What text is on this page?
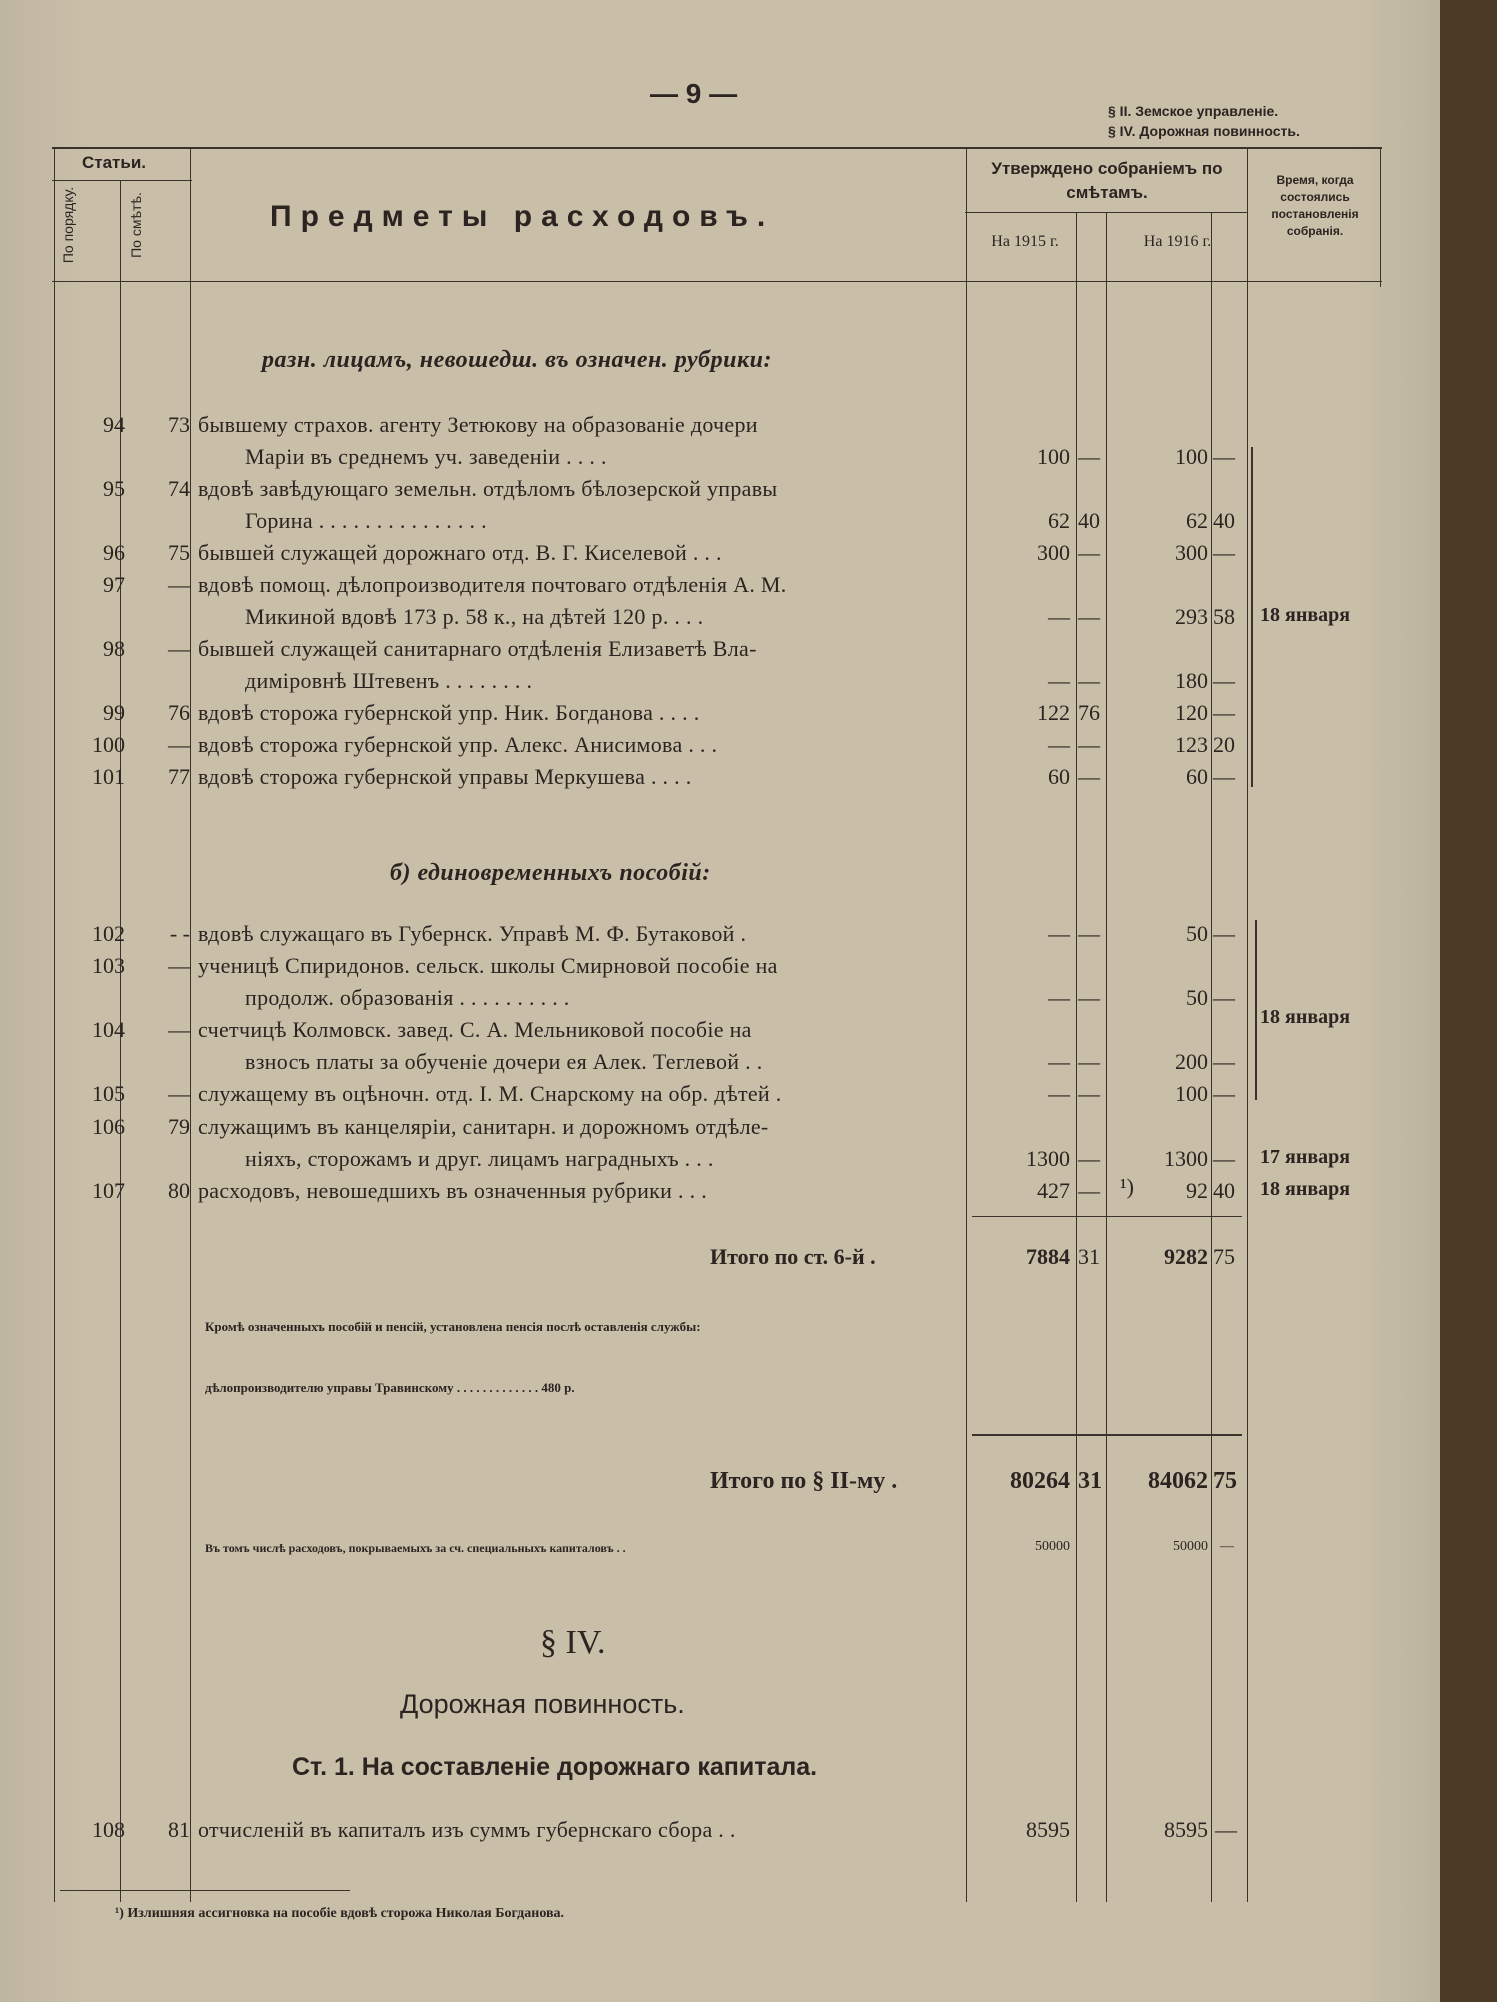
— 9 —
§ II. Земское управленіе.
§ IV. Дорожная повинность.
Статьи.
По порядку.	По смѣтѣ.	Предметы расходовъ.
Утверждено собраніемъ по смѣтамъ.
На 1915 г.	На 1916 г.
Время, когда состоялись постановленія собранія.
разн. лицамъ, невошедш. въ означен. рубрики:
94	73 бывшему страхов. агенту Зетюкову на образованіе дочери
Маріи въ среднемъ уч. заведеніи . . . .	100 —	100 —
95	74 вдовѣ завѣдующаго земельн. отдѣломъ бѣлозерской управы
Горина . . . . . . . . . . . . . . .	62 40	62 40
96	75 бывшей служащей дорожнаго отд. В. Г. Киселевой . . .	300 —	300 —
97	— вдовѣ помощ. дѣлопроизводителя почтоваго отдѣленія А. М.
Микиной вдовѣ 173 р. 58 к., на дѣтей 120 р. . . .	— —	293 58
98	— бывшей служащей санитарнаго отдѣленія Елизаветѣ Вла-
диміровнѣ Штевенъ . . . . . . . .	— —	180 —
99	76 вдовѣ сторожа губернской упр. Ник. Богданова . . . .	122 76	120 —
100	— вдовѣ сторожа губернской упр. Алекс. Анисимова . . .	— —	123 20
101	77 вдовѣ сторожа губернской управы Меркушева . . . .	60 —	60 —
18 января
б) единовременныхъ пособій:
102	- - вдовѣ служащаго въ Губернск. Управѣ М. Ф. Бутаковой .	— —	50 —
103	— ученицѣ Спиридонов. сельск. школы Смирновой пособіе на
продолж. образованія . . . . . . . . . .	— —	50 —
104	— счетчицѣ Колмовск. завед. С. А. Мельниковой пособіе на
взносъ платы за обученіе дочери ея Алек. Теглевой . .	— —	200 —
105	— служащему въ оцѣночн. отд. І. М. Снарскому на обр. дѣтей .	— —	100 —
18 января
106	79 служащимъ въ канцеляріи, санитарн. и дорожномъ отдѣле-
ніяхъ, сторожамъ и друг. лицамъ наградныхъ . . .	1300 —	1300 — 17 января
107	80 расходовъ, невошедшихъ въ означенныя рубрики . . .	427 — ¹)	92 40 18 января
Итого по ст. 6-й .	7884 31	9282 75
Кромѣ означенныхъ пособій и пенсій, установлена пенсія послѣ оставленія службы:
дѣлопроизводителю управы Травинскому . . . . . . . . . . . . . 480 р.
Итого по § II-му .	80264 31	84062 75
Въ томъ числѣ расходовъ, покрываемыхъ за сч. специальныхъ капиталовъ . .	50000	50000 —
§ IV.
Дорожная повинность.
Ст. 1. На составленіе дорожнаго капитала.
108	81 отчисленій въ капиталъ изъ суммъ губернскаго сбора . .	8595	8595 —
¹) Излишняя ассигновка на пособіе вдовѣ сторожа Николая Богданова.
